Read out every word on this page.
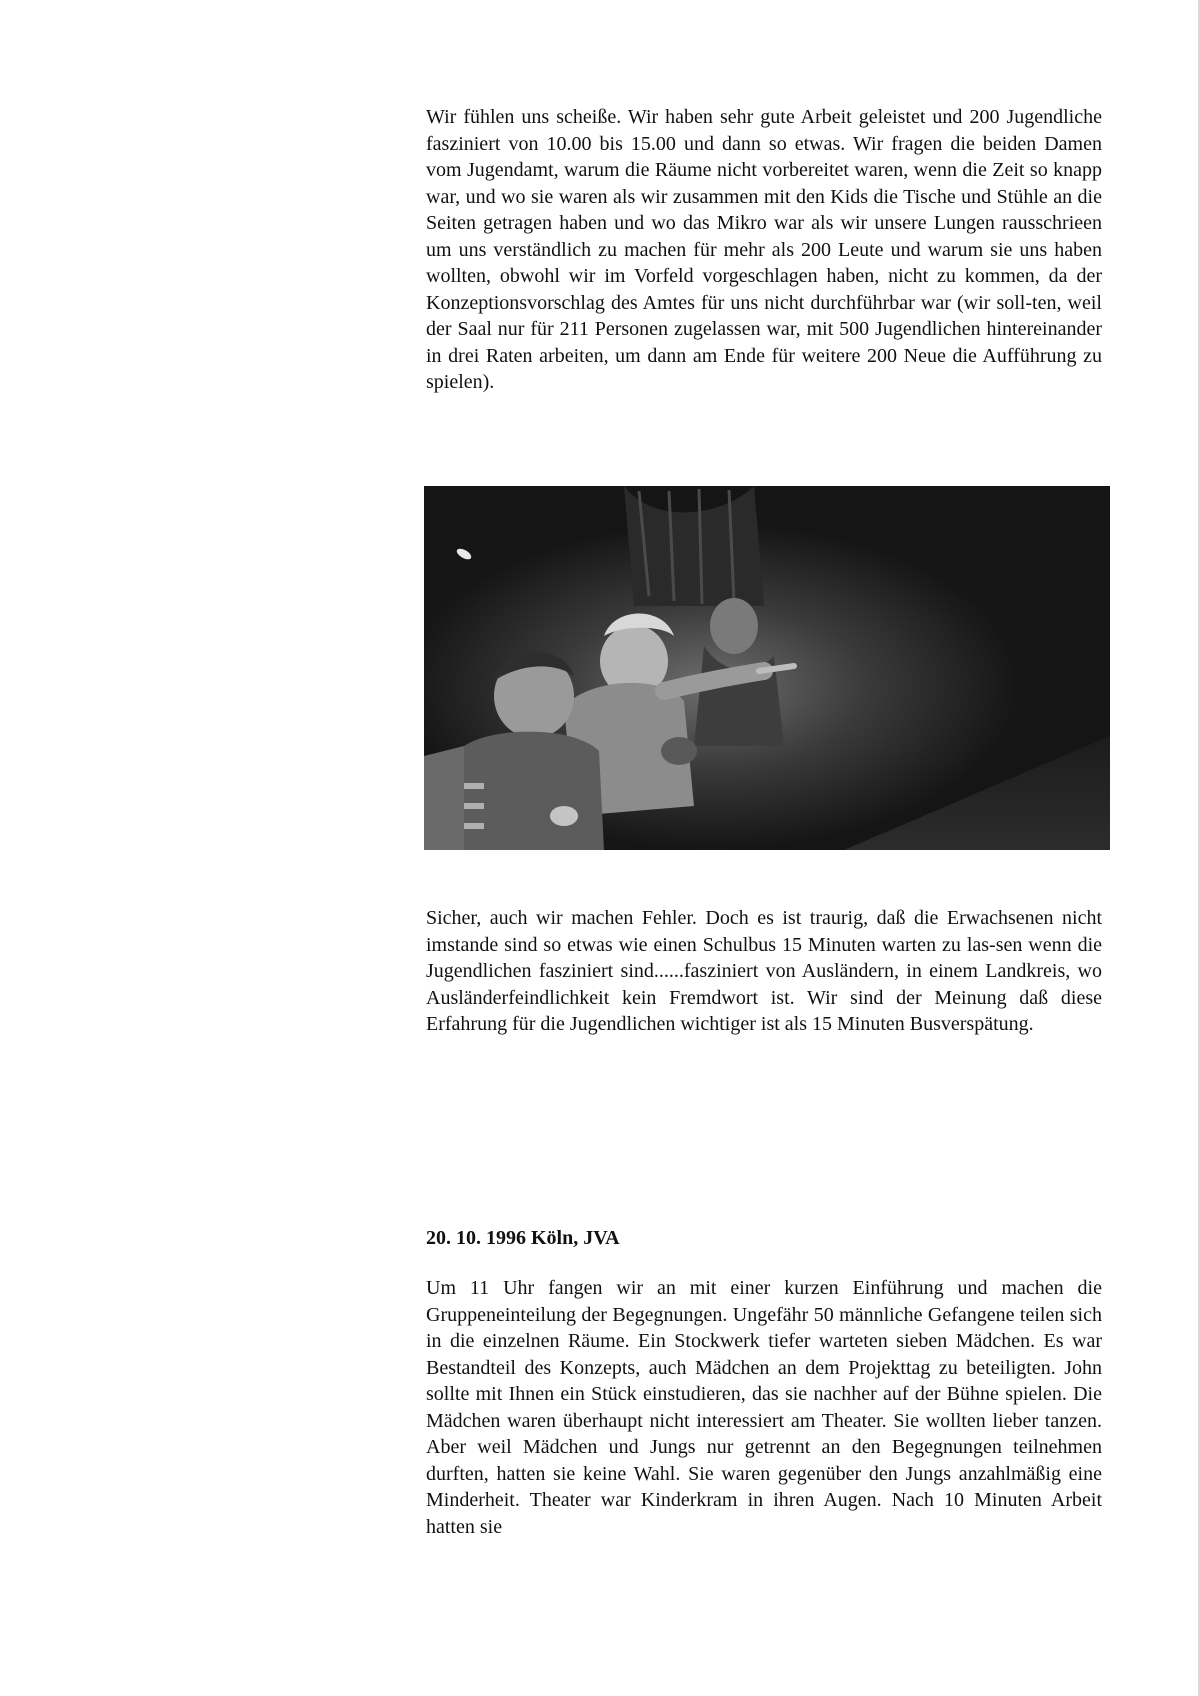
Wir fühlen uns scheiße. Wir haben sehr gute Arbeit geleistet und 200 Jugendliche fasziniert von 10.00 bis 15.00 und dann so etwas. Wir fragen die beiden Damen vom Jugendamt, warum die Räume nicht vorbereitet waren, wenn die Zeit so knapp war, und wo sie waren als wir zusammen mit den Kids die Tische und Stühle an die Seiten getragen haben und wo das Mikro war als wir unsere Lungen rausschrieen um uns verständlich zu machen für mehr als 200 Leute und warum sie uns haben wollten, obwohl wir im Vorfeld vorgeschlagen haben, nicht zu kommen, da der Konzeptionsvorschlag des Amtes für uns nicht durchführbar war (wir soll-ten, weil der Saal nur für 211 Personen zugelassen war, mit 500 Jugendlichen hintereinander in drei Raten arbeiten, um dann am Ende für weitere 200 Neue die Aufführung zu spielen).

Sicher, auch wir machen Fehler. Doch es ist traurig, daß die Erwachsenen nicht imstande sind so etwas wie einen Schulbus 15 Minuten warten zu las-sen wenn die Jugendlichen fasziniert sind......fasziniert von Ausländern, in einem Landkreis, wo Ausländerfeindlichkeit kein Fremdwort ist. Wir sind der Meinung daß diese Erfahrung für die Jugendlichen wichtiger ist als 15 Minuten Busverspätung.

20. 10. 1996 Köln, JVA

Um 11 Uhr fangen wir an mit einer kurzen Einführung und machen die Gruppeneinteilung der Begegnungen. Ungefähr 50 männliche Gefangene teilen sich in die einzelnen Räume. Ein Stockwerk tiefer warteten sieben Mädchen. Es war Bestandteil des Konzepts, auch Mädchen an dem Projekttag zu beteiligten. John sollte mit Ihnen ein Stück einstudieren, das sie nachher auf der Bühne spielen. Die Mädchen waren überhaupt nicht interessiert am Theater. Sie wollten lieber tanzen. Aber weil Mädchen und Jungs nur getrennt an den Begegnungen teilnehmen durften, hatten sie keine Wahl. Sie waren gegenüber den Jungs anzahlmäßig eine Minderheit. Theater war Kinderkram in ihren Augen. Nach 10 Minuten Arbeit hatten sie
